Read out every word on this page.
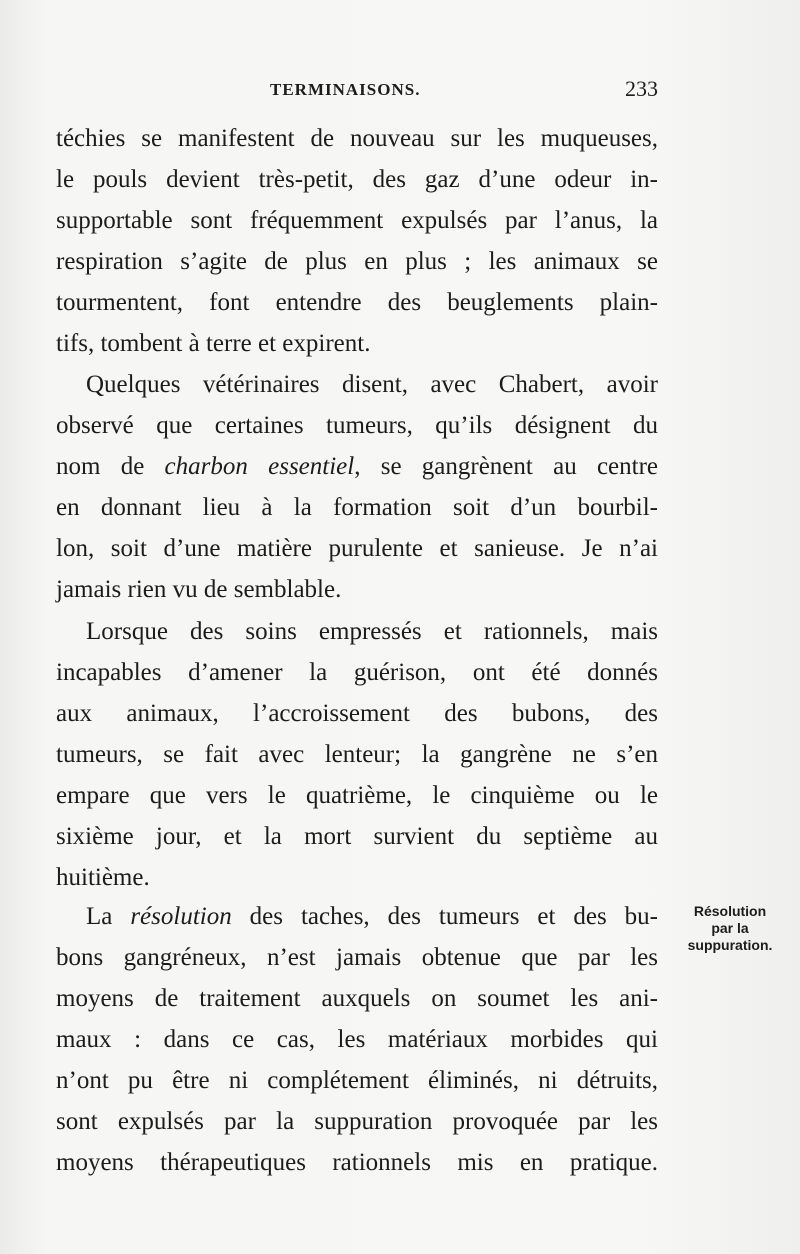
TERMINAISONS.	233
téchies se manifestent de nouveau sur les muqueuses,
le pouls devient très-petit, des gaz d’une odeur in-
supportable sont fréquemment expulsés par l’anus, la
respiration s’agite de plus en plus ; les animaux se
tourmentent, font entendre des beuglements plain-
tifs, tombent à terre et expirent.
Quelques vétérinaires disent, avec Chabert, avoir
observé que certaines tumeurs, qu’ils désignent du
nom de charbon essentiel, se gangrènent au centre
en donnant lieu à la formation soit d’un bourbil-
lon, soit d’une matière purulente et sanieuse. Je n’ai
jamais rien vu de semblable.
Lorsque des soins empressés et rationnels, mais
incapables d’amener la guérison, ont été donnés
aux animaux, l’accroissement des bubons, des
tumeurs, se fait avec lenteur; la gangrène ne s’en
empare que vers le quatrième, le cinquième ou le
sixième jour, et la mort survient du septième au
huitième.
La résolution des taches, des tumeurs et des bu-
bons gangréneux, n’est jamais obtenue que par les
moyens de traitement auxquels on soumet les ani-
maux : dans ce cas, les matériaux morbides qui
n’ont pu être ni complétement éliminés, ni détruits,
sont expulsés par la suppuration provoquée par les
moyens thérapeutiques rationnels mis en pratique.
Résolution
par la
suppuration.
